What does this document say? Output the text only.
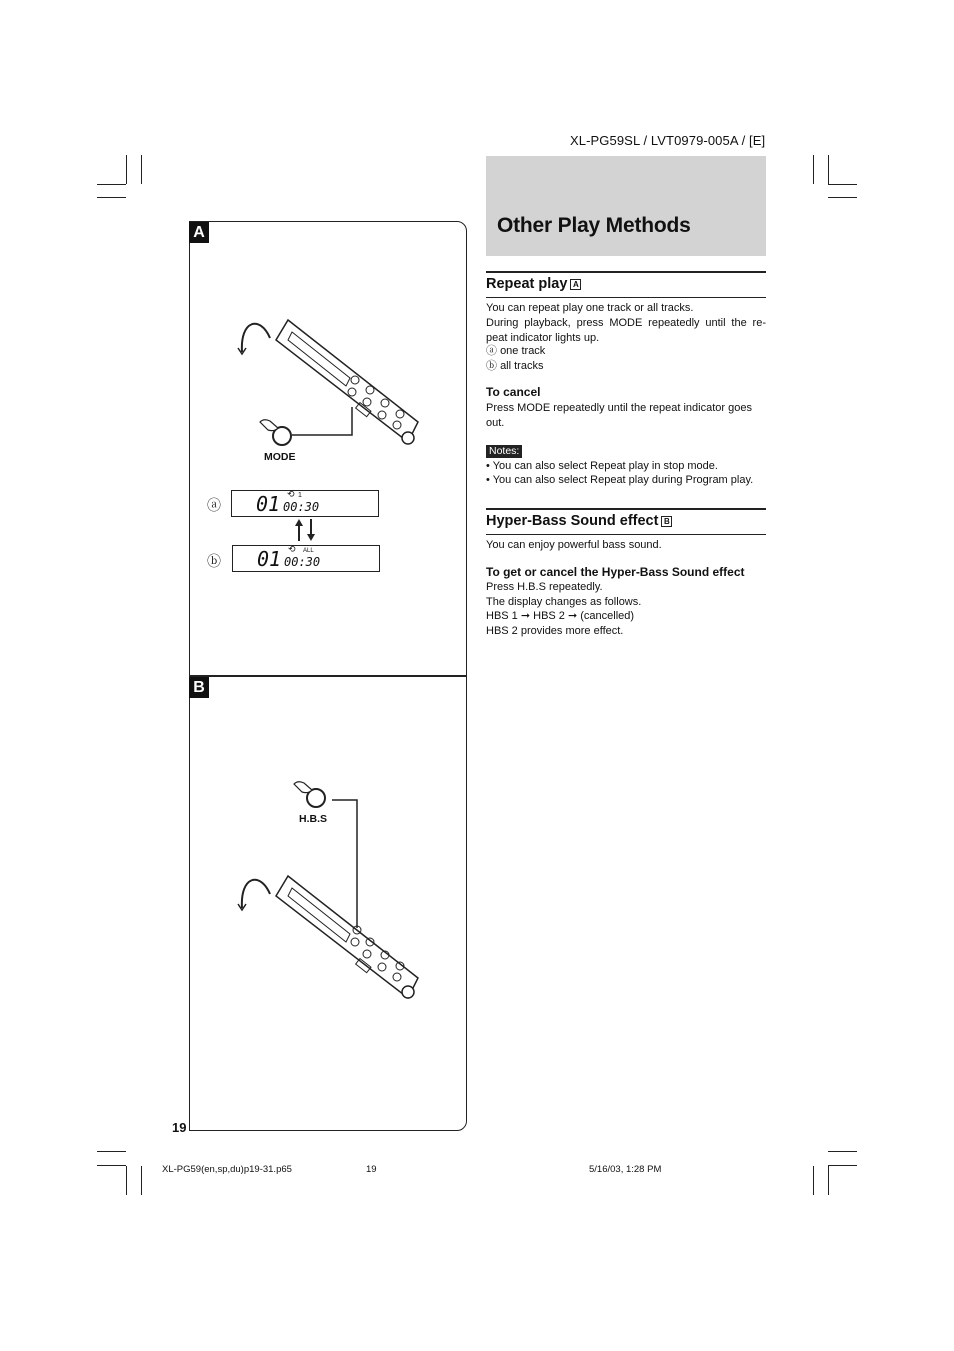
XL-PG59SL / LVT0979-005A / [E]
Other Play Methods
Repeat play A
You can repeat play one track or all tracks.
During playback, press MODE repeatedly until the re-peat indicator lights up.
ⓐ one track
ⓑ all tracks
To cancel
Press MODE repeatedly until the repeat indicator goes out.
Notes:
• You can also select Repeat play in stop mode.
• You can also select Repeat play during Program play.
Hyper-Bass Sound effect B
You can enjoy powerful bass sound.
To get or cancel the Hyper-Bass Sound effect
Press H.B.S repeatedly.
The display changes as follows.
HBS 1 ➞ HBS 2 ➞ (cancelled)
HBS 2 provides more effect.
A
B
MODE
ⓐ 01 ⟲ 1
00:30
ⓑ 01 ⟲ ALL
00:30
H.B.S
19
XL-PG59(en,sp,du)p19-31.p65	19	5/16/03, 1:28 PM
